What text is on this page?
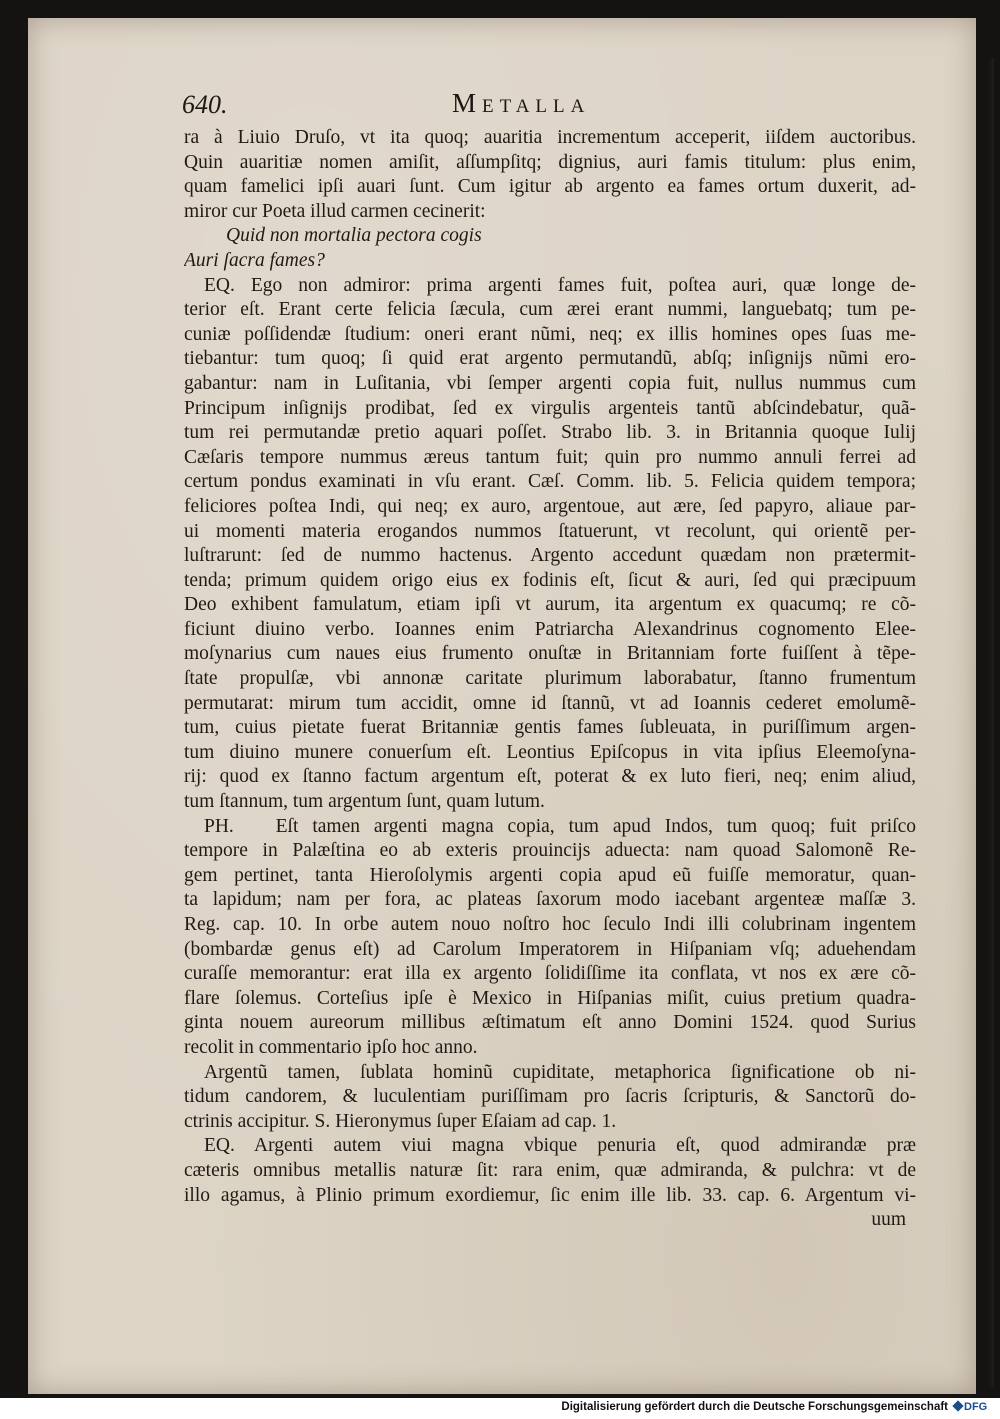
640.	Metalla
ra à Liuio Druſo, vt ita quoq; auaritia incrementum acceperit, iiſdem auctoribus.
Quin auaritiæ nomen amiſit, aſſumpſitq; dignius, auri famis titulum: plus enim,
quam famelici ipſi auari ſunt. Cum igitur ab argento ea fames ortum duxerit, ad-
miror cur Poeta illud carmen cecinerit:
Quid non mortalia pectora cogis
Auri ſacra fames?
EQ. Ego non admiror: prima argenti fames fuit, poſtea auri, quæ longe de-
terior eſt. Erant certe felicia ſæcula, cum ærei erant nummi, languebatq; tum pe-
cuniæ poſſidendæ ſtudium: oneri erant nũmi, neq; ex illis homines opes ſuas me-
tiebantur: tum quoq; ſi quid erat argento permutandũ, abſq; inſignijs nũmi ero-
gabantur: nam in Luſitania, vbi ſemper argenti copia fuit, nullus nummus cum
Principum inſignijs prodibat, ſed ex virgulis argenteis tantũ abſcindebatur, quã-
tum rei permutandæ pretio aquari poſſet. Strabo lib. 3. in Britannia quoque Iulij
Cæſaris tempore nummus æreus tantum fuit; quin pro nummo annuli ferrei ad
certum pondus examinati in vſu erant. Cæſ. Comm. lib. 5. Felicia quidem tempora;
feliciores poſtea Indi, qui neq; ex auro, argentoue, aut ære, ſed papyro, aliaue par-
ui momenti materia erogandos nummos ſtatuerunt, vt recolunt, qui orientẽ per-
luſtrarunt: ſed de nummo hactenus. Argento accedunt quædam non prætermit-
tenda; primum quidem origo eius ex fodinis eſt, ſicut & auri, ſed qui præcipuum
Deo exhibent famulatum, etiam ipſi vt aurum, ita argentum ex quacumq; re cõ-
ficiunt diuino verbo. Ioannes enim Patriarcha Alexandrinus cognomento Elee-
moſynarius cum naues eius frumento onuſtæ in Britanniam forte fuiſſent à tẽpe-
ſtate propulſæ, vbi annonæ caritate plurimum laborabatur, ſtanno frumentum
permutarat: mirum tum accidit, omne id ſtannũ, vt ad Ioannis cederet emolumẽ-
tum, cuius pietate fuerat Britanniæ gentis fames ſubleuata, in puriſſimum argen-
tum diuino munere conuerſum eſt. Leontius Epiſcopus in vita ipſius Eleemoſyna-
rij: quod ex ſtanno factum argentum eſt, poterat & ex luto fieri, neq; enim aliud,
tum ſtannum, tum argentum ſunt, quam lutum.
PH. Eſt tamen argenti magna copia, tum apud Indos, tum quoq; fuit priſco
tempore in Palæſtina eo ab exteris prouincijs aduecta: nam quoad Salomonẽ Re-
gem pertinet, tanta Hieroſolymis argenti copia apud eũ fuiſſe memoratur, quan-
ta lapidum; nam per fora, ac plateas ſaxorum modo iacebant argenteæ maſſæ 3.
Reg. cap. 10. In orbe autem nouo noſtro hoc ſeculo Indi illi colubrinam ingentem
(bombardæ genus eſt) ad Carolum Imperatorem in Hiſpaniam vſq; aduehendam
curaſſe memorantur: erat illa ex argento ſolidiſſime ita conflata, vt nos ex ære cõ-
flare ſolemus. Corteſius ipſe è Mexico in Hiſpanias miſit, cuius pretium quadra-
ginta nouem aureorum millibus æſtimatum eſt anno Domini 1524. quod Surius
recolit in commentario ipſo hoc anno.
Argentũ tamen, ſublata hominũ cupiditate, metaphorica ſignificatione ob ni-
tidum candorem, & luculentiam puriſſimam pro ſacris ſcripturis, & Sanctorũ do-
ctrinis accipitur. S. Hieronymus ſuper Eſaiam ad cap. 1.
EQ. Argenti autem viui magna vbique penuria eſt, quod admirandæ præ
cæteris omnibus metallis naturæ ſit: rara enim, quæ admiranda, & pulchra: vt de
illo agamus, à Plinio primum exordiemur, ſic enim ille lib. 33. cap. 6. Argentum vi-
uum
Digitalisierung gefördert durch die Deutsche Forschungsgemeinschaft	DFG
